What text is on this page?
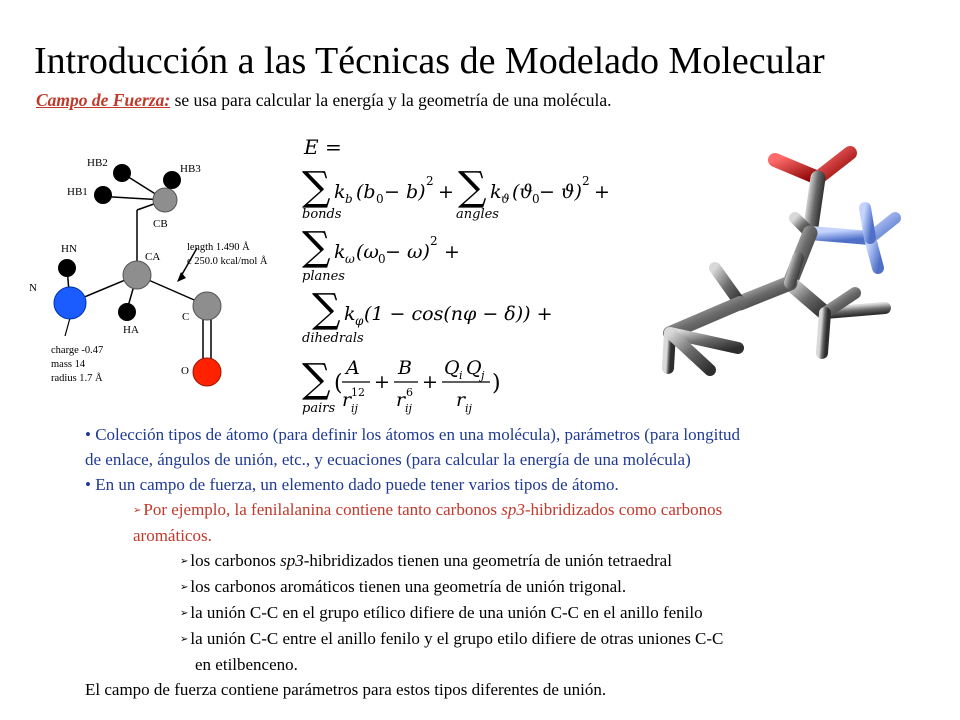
Introducción a las Técnicas de Modelado Molecular
Campo de Fuerza: se usa para calcular la energía y la geometría de una molécula.
HB2	HB3
HB1
CB
HN
CA
N
C
HA
O
length 1.490 Å
c 250.0 kcal/mol Å
charge -0.47
mass 14
radius 1.7 Å
E =
∑ k b (b 0 − b) 2 +
bonds
∑ k ϑ (ϑ 0 − ϑ) 2 +
angles
∑ k ω (ω 0 − ω) 2 +
planes
∑ k φ (1 − cos(nφ − δ)) +
dihedrals
∑ (
A
r 12
ij
+
B
r 6
ij
+
Q i Q j
r ij
)
pairs
• Colección tipos de átomo (para definir los átomos en una molécula), parámetros (para longitud
de enlace, ángulos de unión, etc., y ecuaciones (para calcular la energía de una molécula)
• En un campo de fuerza, un elemento dado puede tener varios tipos de átomo.
➢ Por ejemplo, la fenilalanina contiene tanto carbonos sp3-hibridizados como carbonos
aromáticos.
➢ los carbonos sp3-hibridizados tienen una geometría de unión tetraedral
➢ los carbonos aromáticos tienen una geometría de unión trigonal.
➢ la unión C-C en el grupo etílico difiere de una unión C-C en el anillo fenilo
➢ la unión C-C entre el anillo fenilo y el grupo etilo difiere de otras uniones C-C
en etilbenceno.
El campo de fuerza contiene parámetros para estos tipos diferentes de unión.
